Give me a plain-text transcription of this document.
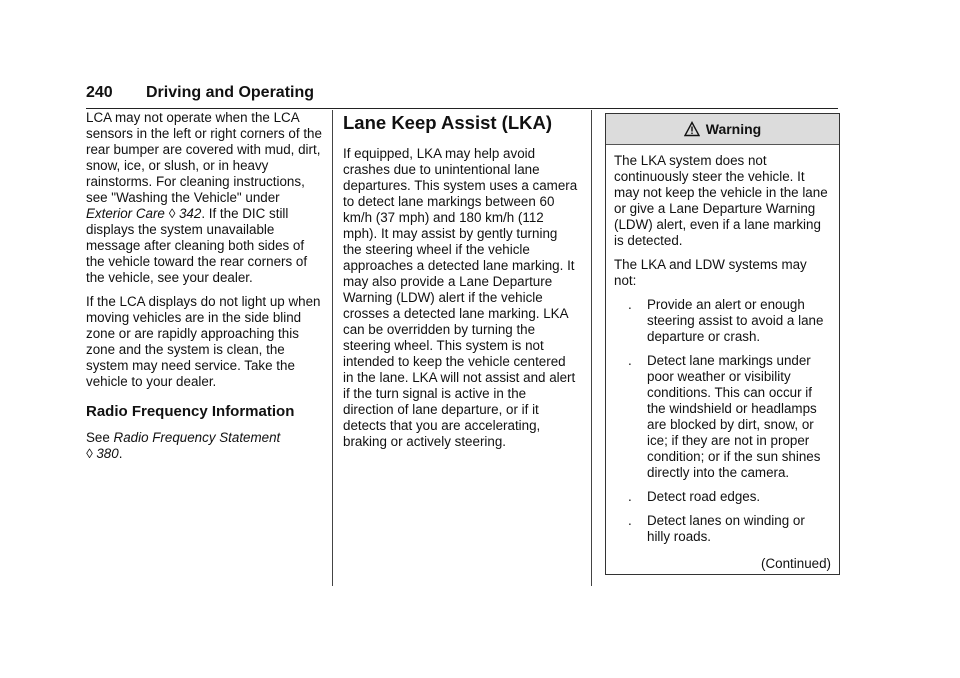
240 Driving and Operating

LCA may not operate when the LCA sensors in the left or right corners of the rear bumper are covered with mud, dirt, snow, ice, or slush, or in heavy rainstorms. For cleaning instructions, see "Washing the Vehicle" under Exterior Care ◊ 342. If the DIC still displays the system unavailable message after cleaning both sides of the vehicle toward the rear corners of the vehicle, see your dealer.

If the LCA displays do not light up when moving vehicles are in the side blind zone or are rapidly approaching this zone and the system is clean, the system may need service. Take the vehicle to your dealer.

Radio Frequency Information

See Radio Frequency Statement
◊ 380.

Lane Keep Assist (LKA)

If equipped, LKA may help avoid crashes due to unintentional lane departures. This system uses a camera to detect lane markings between 60 km/h (37 mph) and 180 km/h (112 mph). It may assist by gently turning the steering wheel if the vehicle approaches a detected lane marking. It may also provide a Lane Departure Warning (LDW) alert if the vehicle crosses a detected lane marking. LKA can be overridden by turning the steering wheel. This system is not intended to keep the vehicle centered in the lane. LKA will not assist and alert if the turn signal is active in the direction of lane departure, or if it detects that you are accelerating, braking or actively steering.

Warning

The LKA system does not continuously steer the vehicle. It may not keep the vehicle in the lane or give a Lane Departure Warning (LDW) alert, even if a lane marking is detected.

The LKA and LDW systems may not:

. Provide an alert or enough steering assist to avoid a lane departure or crash.
. Detect lane markings under poor weather or visibility conditions. This can occur if the windshield or headlamps are blocked by dirt, snow, or ice; if they are not in proper condition; or if the sun shines directly into the camera.
. Detect road edges.
. Detect lanes on winding or hilly roads.
(Continued)
